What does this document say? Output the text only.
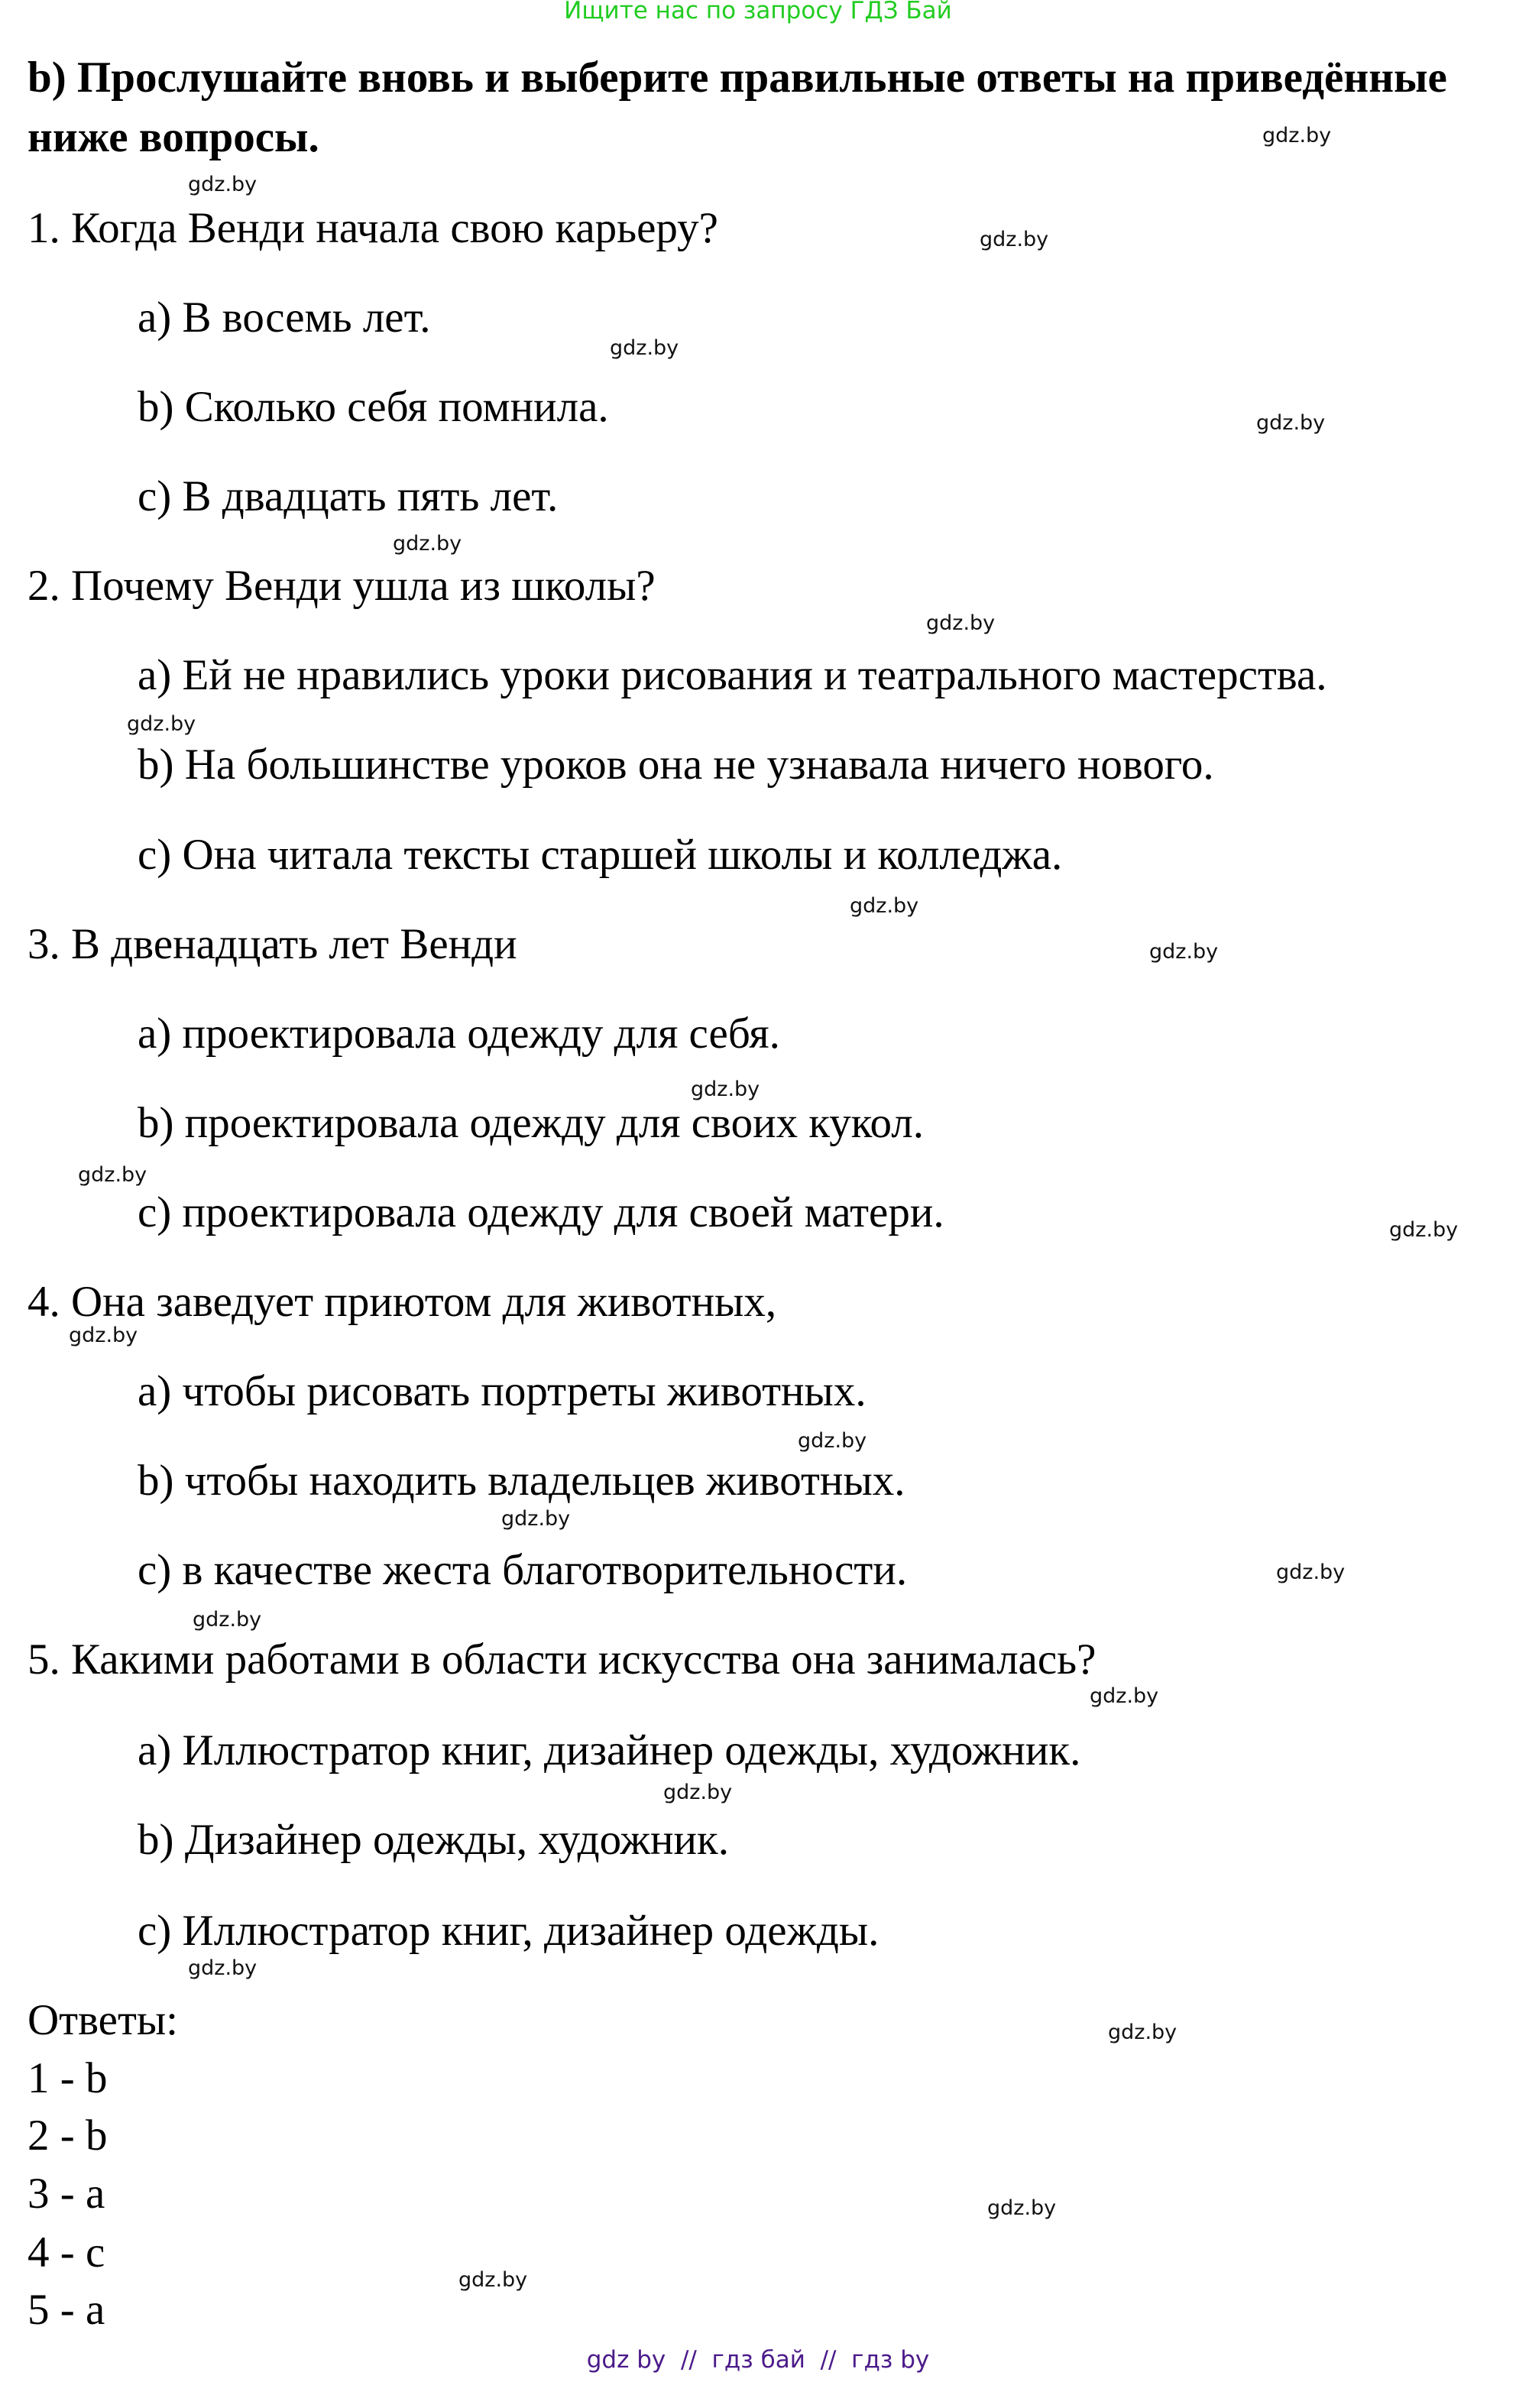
Ищите нас по запросу ГДЗ Бай
b) Прослушайте вновь и выберите правильные ответы на приведённые
ниже вопросы.
1. Когда Венди начала свою карьеру?
a) В восемь лет.
b) Сколько себя помнила.
c) В двадцать пять лет.
2. Почему Венди ушла из школы?
a) Ей не нравились уроки рисования и театрального мастерства.
b) На большинстве уроков она не узнавала ничего нового.
c) Она читала тексты старшей школы и колледжа.
3. В двенадцать лет Венди
a) проектировала одежду для себя.
b) проектировала одежду для своих кукол.
c) проектировала одежду для своей матери.
4. Она заведует приютом для животных,
a) чтобы рисовать портреты животных.
b) чтобы находить владельцев животных.
c) в качестве жеста благотворительности.
5. Какими работами в области искусства она занималась?
a) Иллюстратор книг, дизайнер одежды, художник.
b) Дизайнер одежды, художник.
c) Иллюстратор книг, дизайнер одежды.
Ответы:
1 - b
2 - b
3 - a
4 - c
5 - a
gdz.by
gdz.by
gdz.by
gdz.by
gdz.by
gdz.by
gdz.by
gdz.by
gdz.by
gdz.by
gdz.by
gdz.by
gdz.by
gdz.by
gdz.by
gdz.by
gdz.by
gdz.by
gdz.by
gdz.by
gdz.by
gdz.by
gdz.by
gdz.by
gdz by  //  гдз бай  //  гдз by
